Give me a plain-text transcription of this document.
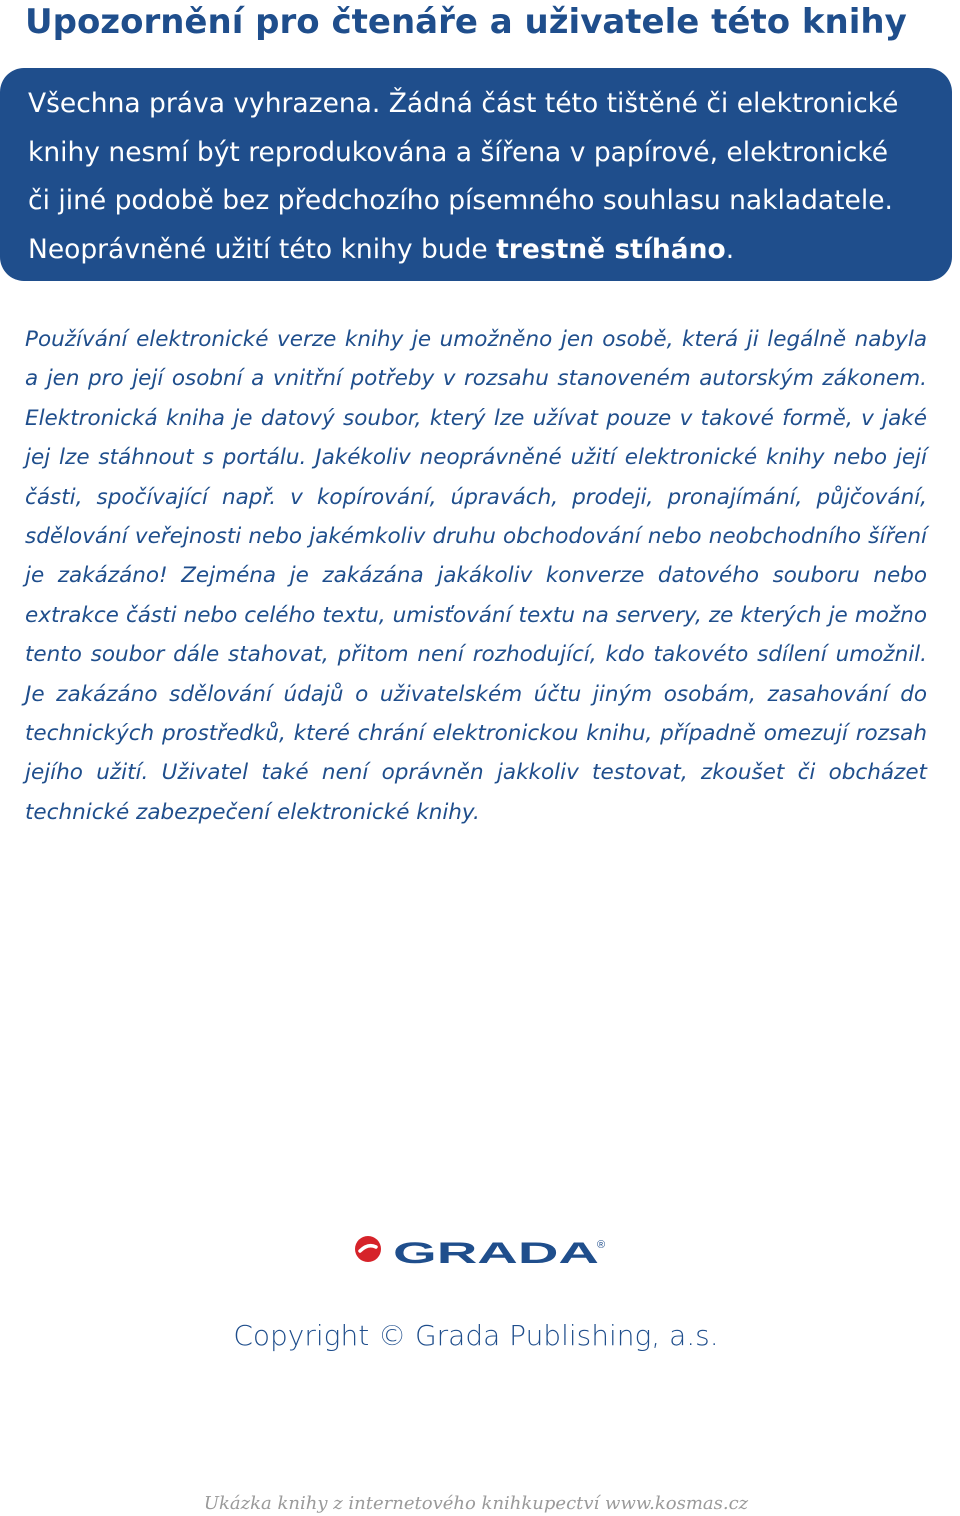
Upozornění pro čtenáře a uživatele této knihy

Všechna práva vyhrazena. Žádná část této tištěné či elektronické
knihy nesmí být reprodukována a šířena v papírové, elektronické
či jiné podobě bez předchozího písemného souhlasu nakladatele.
Neoprávněné užití této knihy bude trestně stíháno.

Používání elektronické verze knihy je umožněno jen osobě, která ji legálně nabyla a jen pro její osobní a vnitřní potřeby v rozsahu stanoveném autorským zákonem. Elektronická kniha je datový soubor, který lze užívat pouze v takové formě, v jaké jej lze stáhnout s portálu. Jakékoliv neoprávněné užití elektronické knihy nebo její části, spočívající např. v kopírování, úpravách, prodeji, pronajímání, půjčování, sdělování veřejnosti nebo jakémkoliv druhu obchodování nebo neobchodního šíření je zakázáno! Zejména je zakázána jakákoliv konverze datového souboru nebo extrakce části nebo celého textu, umisťování textu na servery, ze kterých je možno tento soubor dále stahovat, přitom není rozhodující, kdo takovéto sdílení umožnil. Je zakázáno sdělování údajů o uživatelském účtu jiným osobám, zasahování do technických prostředků, které chrání elektronickou knihu, případně omezují rozsah jejího užití. Uživatel také není oprávněn jakkoliv testovat, zkoušet či obcházet technické zabezpečení elektronické knihy.

GRADA
®

Copyright © Grada Publishing, a.s.

Ukázka knihy z internetového knihkupectví www.kosmas.cz
